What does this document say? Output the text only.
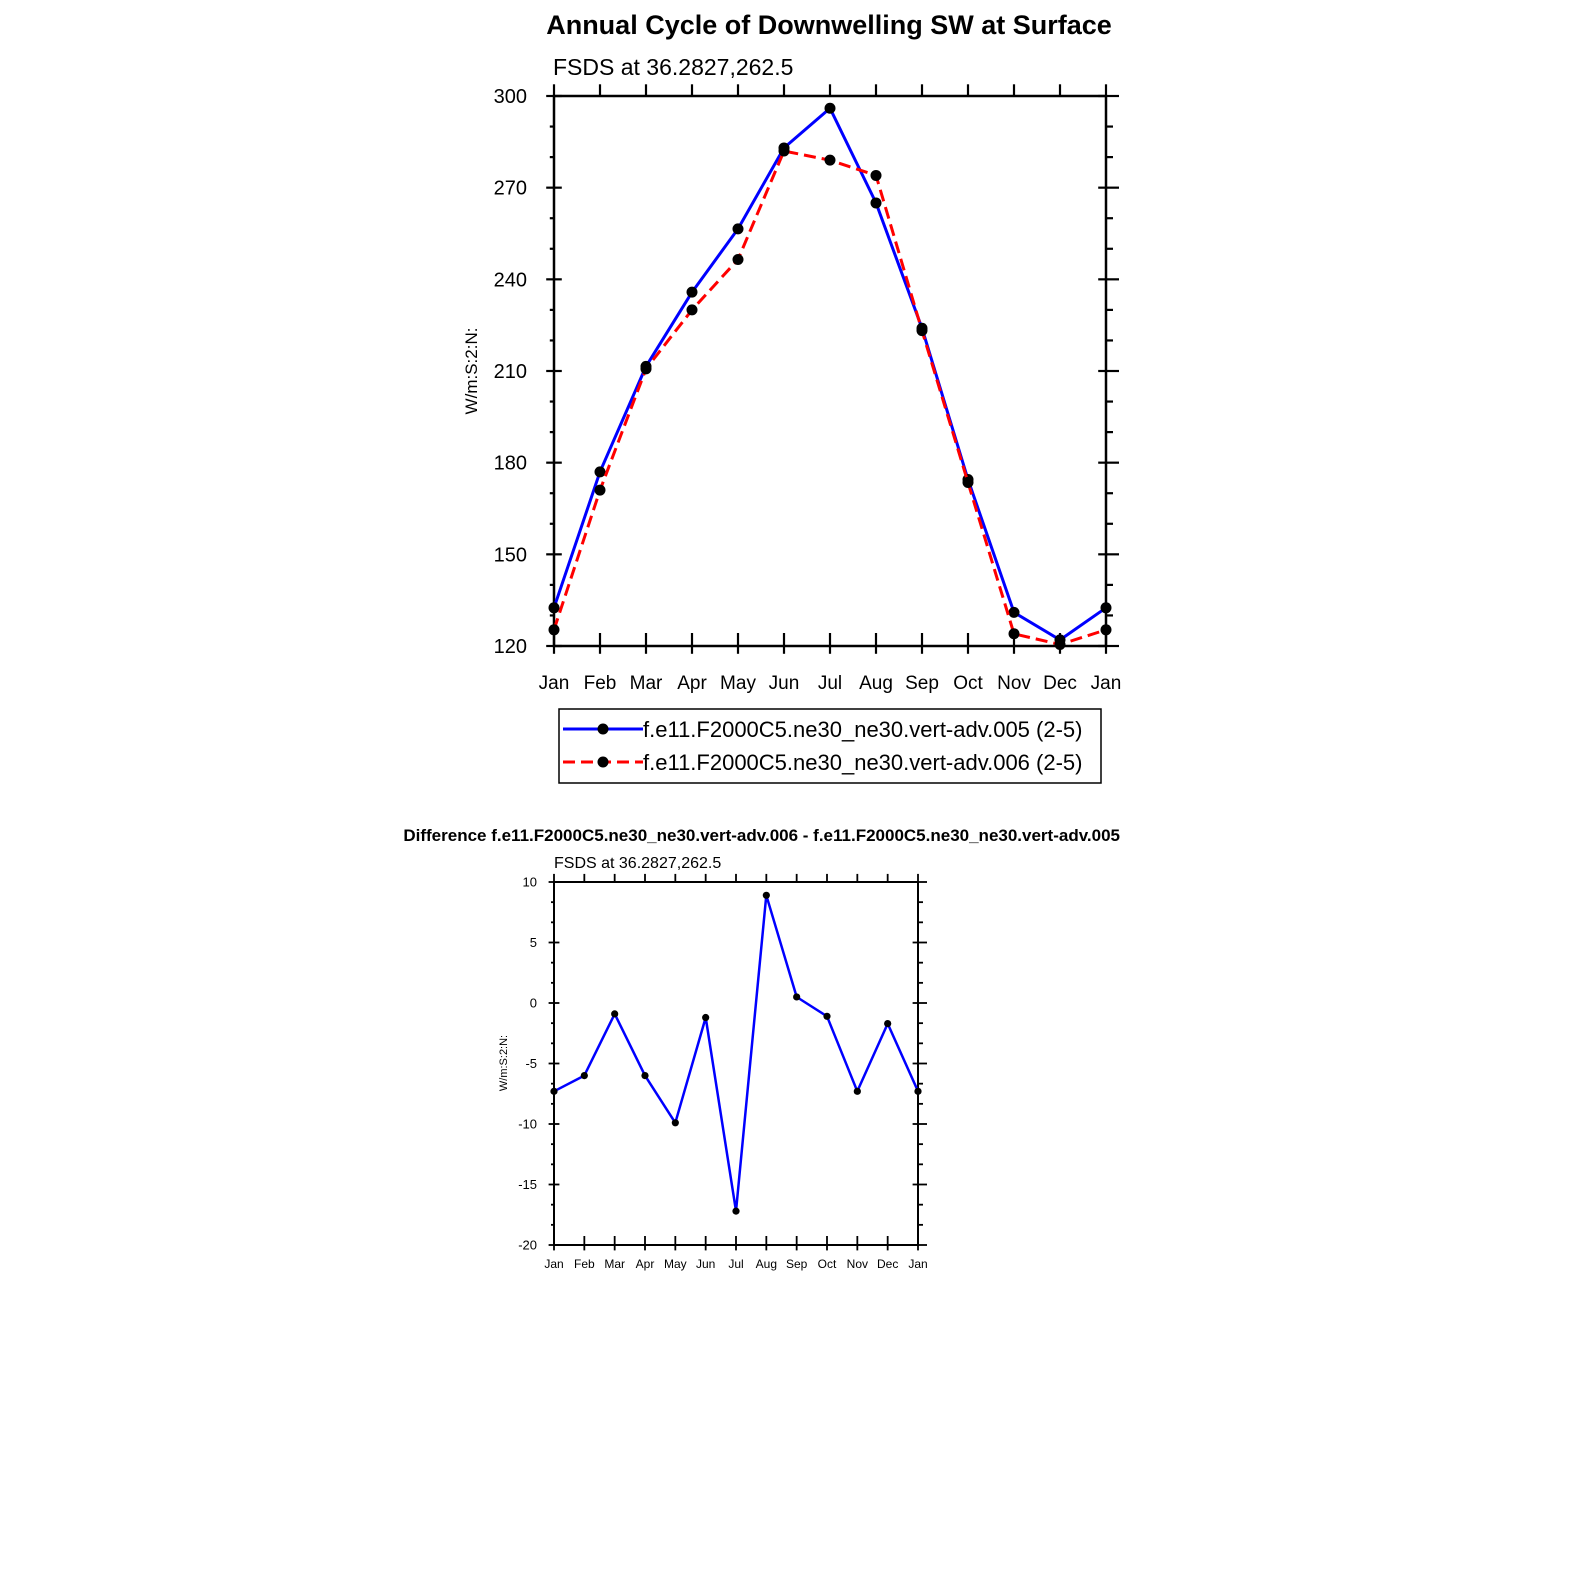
Annual Cycle of Downwelling SW at Surface
FSDS at 36.2827,262.5
W/m:S:2:N:
120
150
180
210
240
270
300
Jan Feb Mar Apr May Jun Jul Aug Sep Oct Nov Dec Jan
f.e11.F2000C5.ne30_ne30.vert-adv.005 (2-5)
f.e11.F2000C5.ne30_ne30.vert-adv.006 (2-5)
Difference f.e11.F2000C5.ne30_ne30.vert-adv.006 - f.e11.F2000C5.ne30_ne30.vert-adv.005
FSDS at 36.2827,262.5
W/m:S:2:N:
-20
-15
-10
-5
0
5
10
Jan Feb Mar Apr May Jun Jul Aug Sep Oct Nov Dec Jan
